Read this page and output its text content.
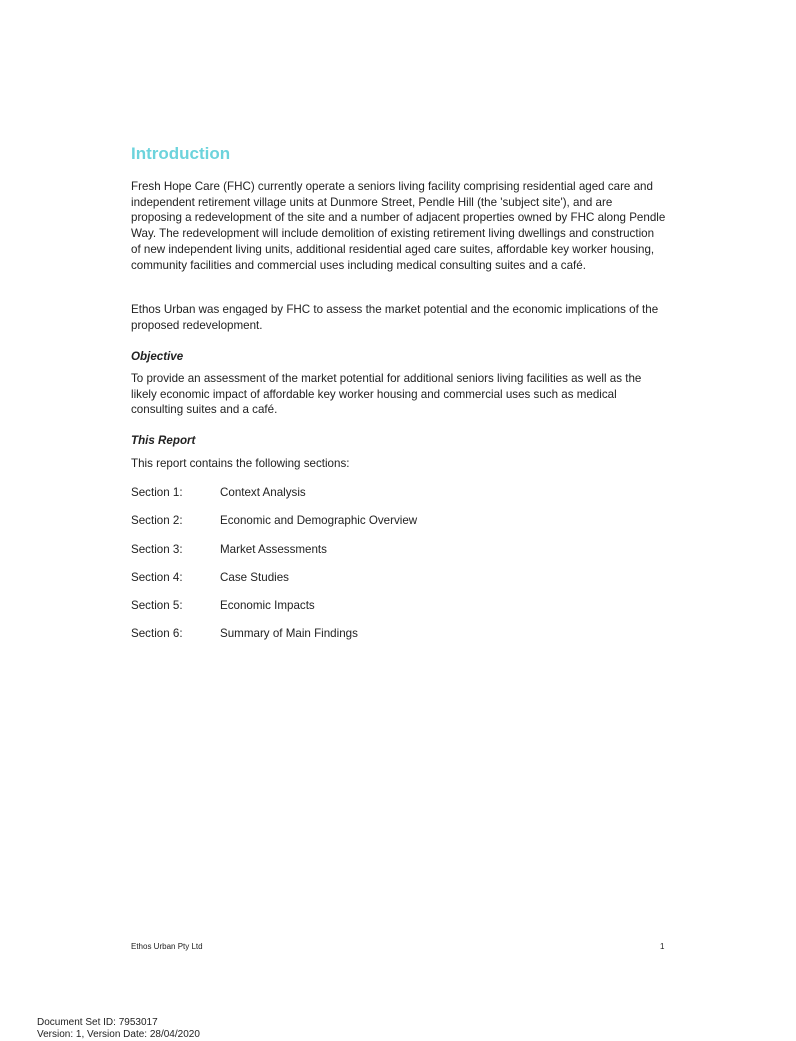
Introduction

Fresh Hope Care (FHC) currently operate a seniors living facility comprising residential aged care and independent retirement village units at Dunmore Street, Pendle Hill (the 'subject site'), and are proposing a redevelopment of the site and a number of adjacent properties owned by FHC along Pendle Way. The redevelopment will include demolition of existing retirement living dwellings and construction of new independent living units, additional residential aged care suites, affordable key worker housing, community facilities and commercial uses including medical consulting suites and a café.

Ethos Urban was engaged by FHC to assess the market potential and the economic implications of the proposed redevelopment.

Objective

To provide an assessment of the market potential for additional seniors living facilities as well as the likely economic impact of affordable key worker housing and commercial uses such as medical consulting suites and a café.

This Report

This report contains the following sections:

Section 1:	Context Analysis
Section 2:	Economic and Demographic Overview
Section 3:	Market Assessments
Section 4:	Case Studies
Section 5:	Economic Impacts
Section 6:	Summary of Main Findings
Ethos Urban Pty Ltd	1
Document Set ID: 7953017
Version: 1, Version Date: 28/04/2020
